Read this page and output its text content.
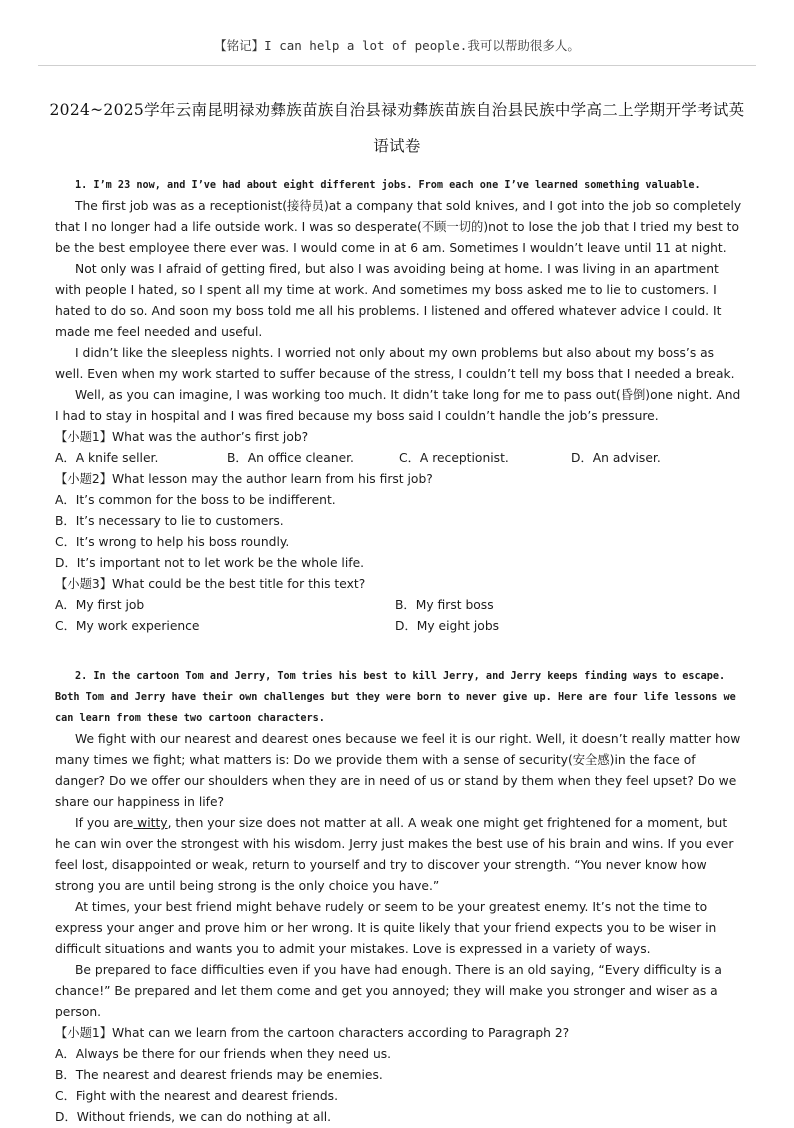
【铭记】I can help a lot of people.我可以帮助很多人。
2024~2025学年云南昆明禄劝彝族苗族自治县禄劝彝族苗族自治县民族中学高二上学期开学考试英
语试卷

1. I’m 23 now, and I’ve had about eight different jobs. From each one I’ve learned something valuable.

The first job was as a receptionist(接待员)at a company that sold knives, and I got into the job so completely that I no longer had a life outside work. I was so desperate(不顾一切的)not to lose the job that I tried my best to be the best employee there ever was. I would come in at 6 am. Sometimes I wouldn’t leave until 11 at night.

Not only was I afraid of getting fired, but also I was avoiding being at home. I was living in an apartment with people I hated, so I spent all my time at work. And sometimes my boss asked me to lie to customers. I hated to do so. And soon my boss told me all his problems. I listened and offered whatever advice I could. It made me feel needed and useful.

I didn’t like the sleepless nights. I worried not only about my own problems but also about my boss’s as well. Even when my work started to suffer because of the stress, I couldn’t tell my boss that I needed a break.

Well, as you can imagine, I was working too much. It didn’t take long for me to pass out(昏倒)one night. And I had to stay in hospital and I was fired because my boss said I couldn’t handle the job’s pressure.

【小题1】What was the author’s first job?

A．A knife seller.	B．An office cleaner.	C．A receptionist.	D．An adviser.

【小题2】What lesson may the author learn from his first job?

A．It’s common for the boss to be indifferent.

B．It’s necessary to lie to customers.

C．It’s wrong to help his boss roundly.

D．It’s important not to let work be the whole life.

【小题3】What could be the best title for this text?

A．My first job	B．My first boss
C．My work experience	D．My eight jobs

2. In the cartoon Tom and Jerry, Tom tries his best to kill Jerry, and Jerry keeps finding ways to escape. Both Tom and Jerry have their own challenges but they were born to never give up. Here are four life lessons we can learn from these two cartoon characters.

We fight with our nearest and dearest ones because we feel it is our right. Well, it doesn’t really matter how many times we fight; what matters is: Do we provide them with a sense of security(安全感)in the face of danger? Do we offer our shoulders when they are in need of us or stand by them when they feel upset? Do we share our happiness in life?

If you are witty, then your size does not matter at all. A weak one might get frightened for a moment, but he can win over the strongest with his wisdom. Jerry just makes the best use of his brain and wins. If you ever feel lost, disappointed or weak, return to yourself and try to discover your strength. “You never know how strong you are until being strong is the only choice you have.”

At times, your best friend might behave rudely or seem to be your greatest enemy. It’s not the time to express your anger and prove him or her wrong. It is quite likely that your friend expects you to be wiser in difficult situations and wants you to admit your mistakes. Love is expressed in a variety of ways.

Be prepared to face difficulties even if you have had enough. There is an old saying, “Every difficulty is a chance!” Be prepared and let them come and get you annoyed; they will make you stronger and wiser as a person.

【小题1】What can we learn from the cartoon characters according to Paragraph 2?

A．Always be there for our friends when they need us.

B．The nearest and dearest friends may be enemies.

C．Fight with the nearest and dearest friends.

D．Without friends, we can do nothing at all.
